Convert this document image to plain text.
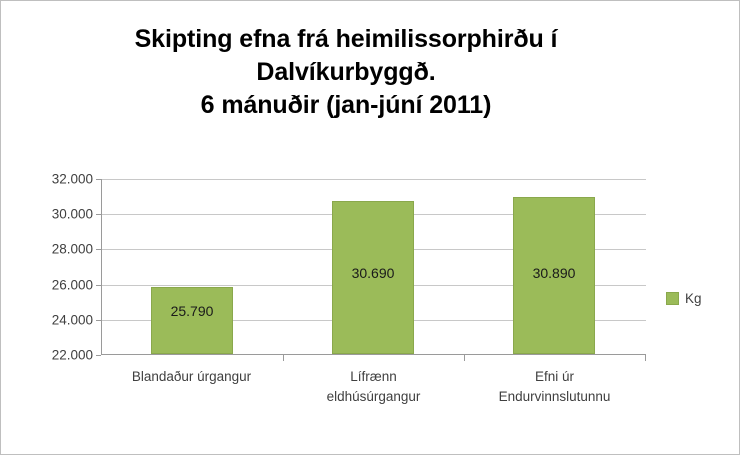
Skipting efna frá heimilissorphirðu í
Dalvíkurbyggð.
6 mánuðir (jan-júní 2011)
22.000
24.000
26.000
28.000
30.000
32.000
25.790
30.690	30.890
Blandaður úrgangur	Lífrænn
eldhúsúrgangur
Efni úr
Endurvinnslutunnu
Kg
